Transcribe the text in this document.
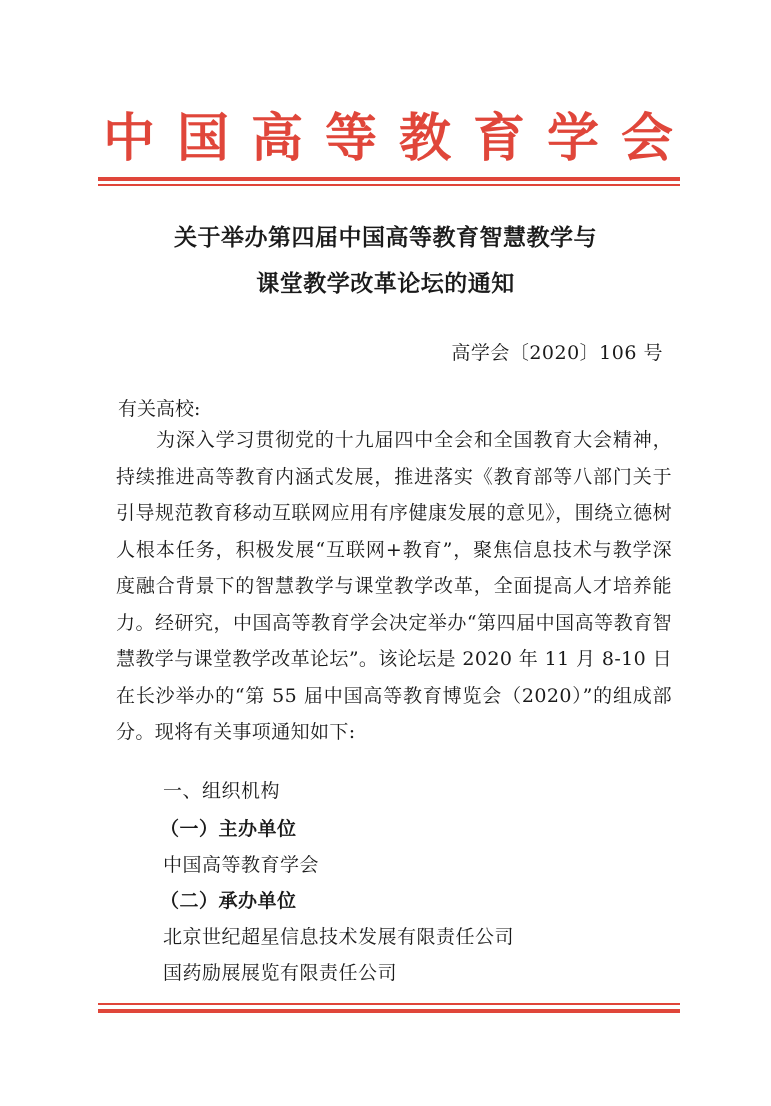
中 国 高 等 教 育 学 会
关于举办第四届中国高等教育智慧教学与
课堂教学改革论坛的通知
高学会〔2020〕106 号
有关高校:

为深入学习贯彻党的十九届四中全会和全国教育大会精神，持续推进高等教育内涵式发展，推进落实《教育部等八部门关于引导规范教育移动互联网应用有序健康发展的意见》，围绕立德树人根本任务，积极发展“互联网+教育”，聚焦信息技术与教学深度融合背景下的智慧教学与课堂教学改革，全面提高人才培养能力。经研究，中国高等教育学会决定举办“第四届中国高等教育智慧教学与课堂教学改革论坛”。该论坛是 2020 年 11 月 8-10 日在长沙举办的“第 55 届中国高等教育博览会（2020）”的组成部分。现将有关事项通知如下:

一、组织机构
（一）主办单位
中国高等教育学会
（二）承办单位
北京世纪超星信息技术发展有限责任公司
国药励展展览有限责任公司
